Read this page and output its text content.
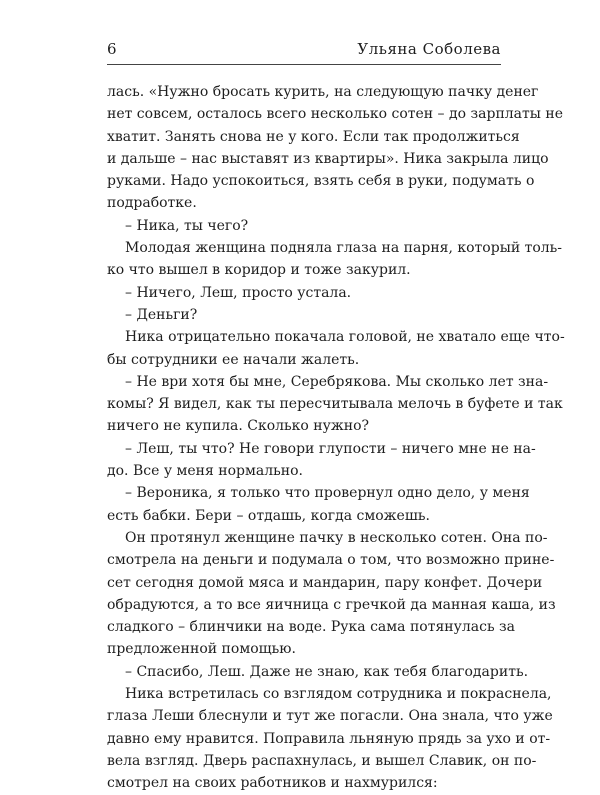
6	Ульяна Соболева
лась. «Нужно бросать курить, на следующую пачку денег
нет совсем, осталось всего несколько сотен – до зарплаты не
хватит. Занять снова не у кого. Если так продолжиться
и дальше – нас выставят из квартиры». Ника закрыла лицо
руками. Надо успокоиться, взять себя в руки, подумать о
подработке.
– Ника, ты чего?
Молодая женщина подняла глаза на парня, который толь-
ко что вышел в коридор и тоже закурил.
– Ничего, Леш, просто устала.
– Деньги?
Ника отрицательно покачала головой, не хватало еще что-
бы сотрудники ее начали жалеть.
– Не ври хотя бы мне, Серебрякова. Мы сколько лет зна-
комы? Я видел, как ты пересчитывала мелочь в буфете и так
ничего не купила. Сколько нужно?
– Леш, ты что? Не говори глупости – ничего мне не на-
до. Все у меня нормально.
– Вероника, я только что провернул одно дело, у меня
есть бабки. Бери – отдашь, когда сможешь.
Он протянул женщине пачку в несколько сотен. Она по-
смотрела на деньги и подумала о том, что возможно прине-
сет сегодня домой мяса и мандарин, пару конфет. Дочери
обрадуются, а то все яичница с гречкой да манная каша, из
сладкого – блинчики на воде. Рука сама потянулась за
предложенной помощью.
– Спасибо, Леш. Даже не знаю, как тебя благодарить.
Ника встретилась со взглядом сотрудника и покраснела,
глаза Леши блеснули и тут же погасли. Она знала, что уже
давно ему нравится. Поправила льняную прядь за ухо и от-
вела взгляд. Дверь распахнулась, и вышел Славик, он по-
смотрел на своих работников и нахмурился:
